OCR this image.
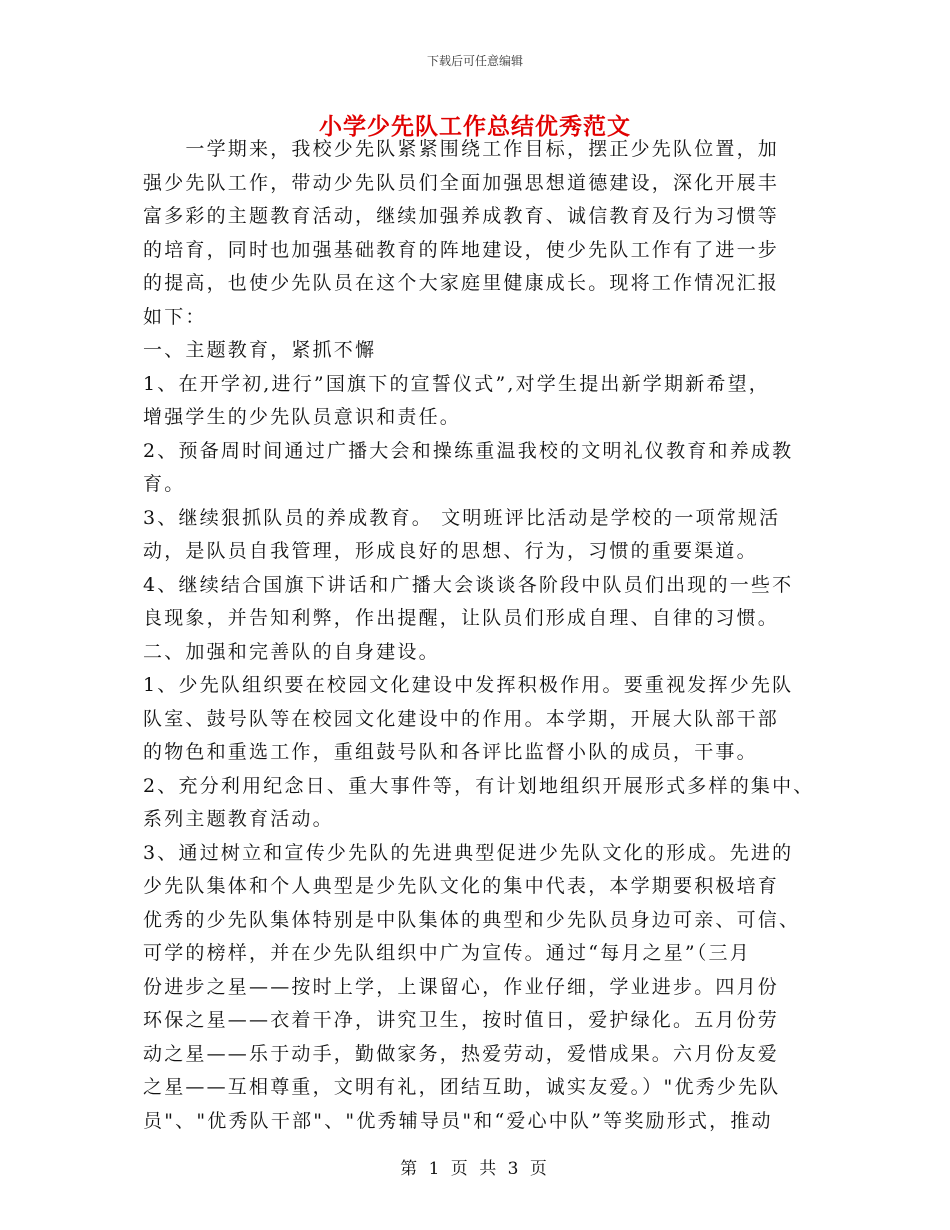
下载后可任意编辑
小学少先队工作总结优秀范文
　　一学期来，我校少先队紧紧围绕工作目标，摆正少先队位置，加
强少先队工作，带动少先队员们全面加强思想道德建设，深化开展丰
富多彩的主题教育活动，继续加强养成教育、诚信教育及行为习惯等
的培育，同时也加强基础教育的阵地建设，使少先队工作有了进一步
的提高，也使少先队员在这个大家庭里健康成长。现将工作情况汇报
如下：
一、主题教育，紧抓不懈
1、在开学初,进行”国旗下的宣誓仪式”,对学生提出新学期新希望，
增强学生的少先队员意识和责任。
2、预备周时间通过广播大会和操练重温我校的文明礼仪教育和养成教
育。
3、继续狠抓队员的养成教育。 文明班评比活动是学校的一项常规活
动，是队员自我管理，形成良好的思想、行为，习惯的重要渠道。
4、继续结合国旗下讲话和广播大会谈谈各阶段中队员们出现的一些不
良现象，并告知利弊，作出提醒，让队员们形成自理、自律的习惯。
二、加强和完善队的自身建设。
1、少先队组织要在校园文化建设中发挥积极作用。要重视发挥少先队
队室、鼓号队等在校园文化建设中的作用。本学期，开展大队部干部
的物色和重选工作，重组鼓号队和各评比监督小队的成员，干事。
2、充分利用纪念日、重大事件等，有计划地组织开展形式多样的集中、
系列主题教育活动。
3、通过树立和宣传少先队的先进典型促进少先队文化的形成。先进的
少先队集体和个人典型是少先队文化的集中代表，本学期要积极培育
优秀的少先队集体特别是中队集体的典型和少先队员身边可亲、可信、
可学的榜样，并在少先队组织中广为宣传。通过“每月之星”（三月
份进步之星——按时上学，上课留心，作业仔细，学业进步。四月份
环保之星——衣着干净，讲究卫生，按时值日，爱护绿化。五月份劳
动之星——乐于动手，勤做家务，热爱劳动，爱惜成果。六月份友爱
之星——互相尊重，文明有礼，团结互助，诚实友爱。）"优秀少先队
员"、"优秀队干部"、"优秀辅导员"和“爱心中队”等奖励形式，推动
第 1 页 共 3 页
